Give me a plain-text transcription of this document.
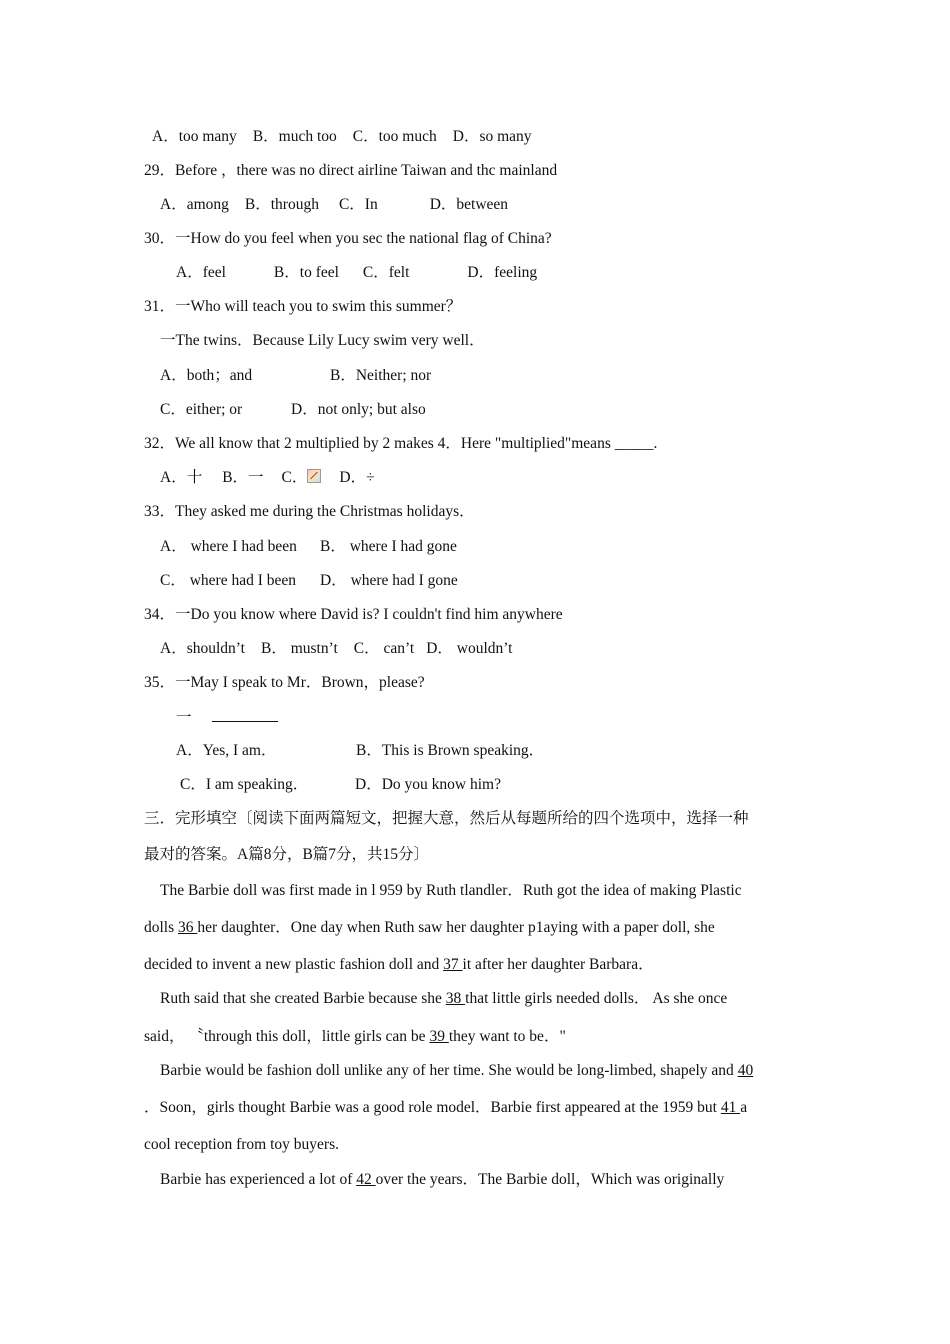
A．too many B．much too C．too much D．so many
29．Before ，there was no direct airline Taiwan and thc mainland
A．among B．through C．In	D．between
30．一How do you feel when you sec the national flag of China?
A．feel	B．to feel C．felt	D．feeling
31．一Who will teach you to swim this summer？
一The twins．Because Lily Lucy swim very well．
A．both；and	B．Neither; nor
C．either; or	D．not only; but also
32．We all know that 2 multiplied by 2 makes 4．Here "multiplied"means _____.
A．十 B．一 C． D．÷
33．They asked me during the Christmas holidays．
A． where I had been B． where I had gone
C． where had I been D． where had I gone
34．一Do you know where David is? I couldn't find him anywhere
A．shouldn’t B． mustn’t C． can’t D． wouldn’t
35．一May I speak to Mr．Brown，please?
一
A．Yes, I am．	B．This is Brown speaking．
C．I am speaking．	D．Do you know him?
三．完形填空〔阅读下面两篇短文，把握大意，然后从每题所给的四个选项中，选择一种
最对的答案。A篇8分，B篇7分，共15分〕
The Barbie doll was first made in l 959 by Ruth tlandler．Ruth got the idea of making Plastic
dolls 36 her daughter．One day when Ruth saw her daughter p1aying with a paper doll, she
decided to invent a new plastic fashion doll and 37 it after her daughter Barbara．
Ruth said that she created Barbie because she 38 that little girls needed dolls． As she once
said， 〝through this doll，little girls can be 39 they want to be．"
Barbie would be fashion doll unlike any of her time. She would be long-limbed, shapely and 40
．Soon，girls thought Barbie was a good role model．Barbie first appeared at the 1959 but 41 a
cool reception from toy buyers.
Barbie has experienced a lot of 42 over the years．The Barbie doll，Which was originally
